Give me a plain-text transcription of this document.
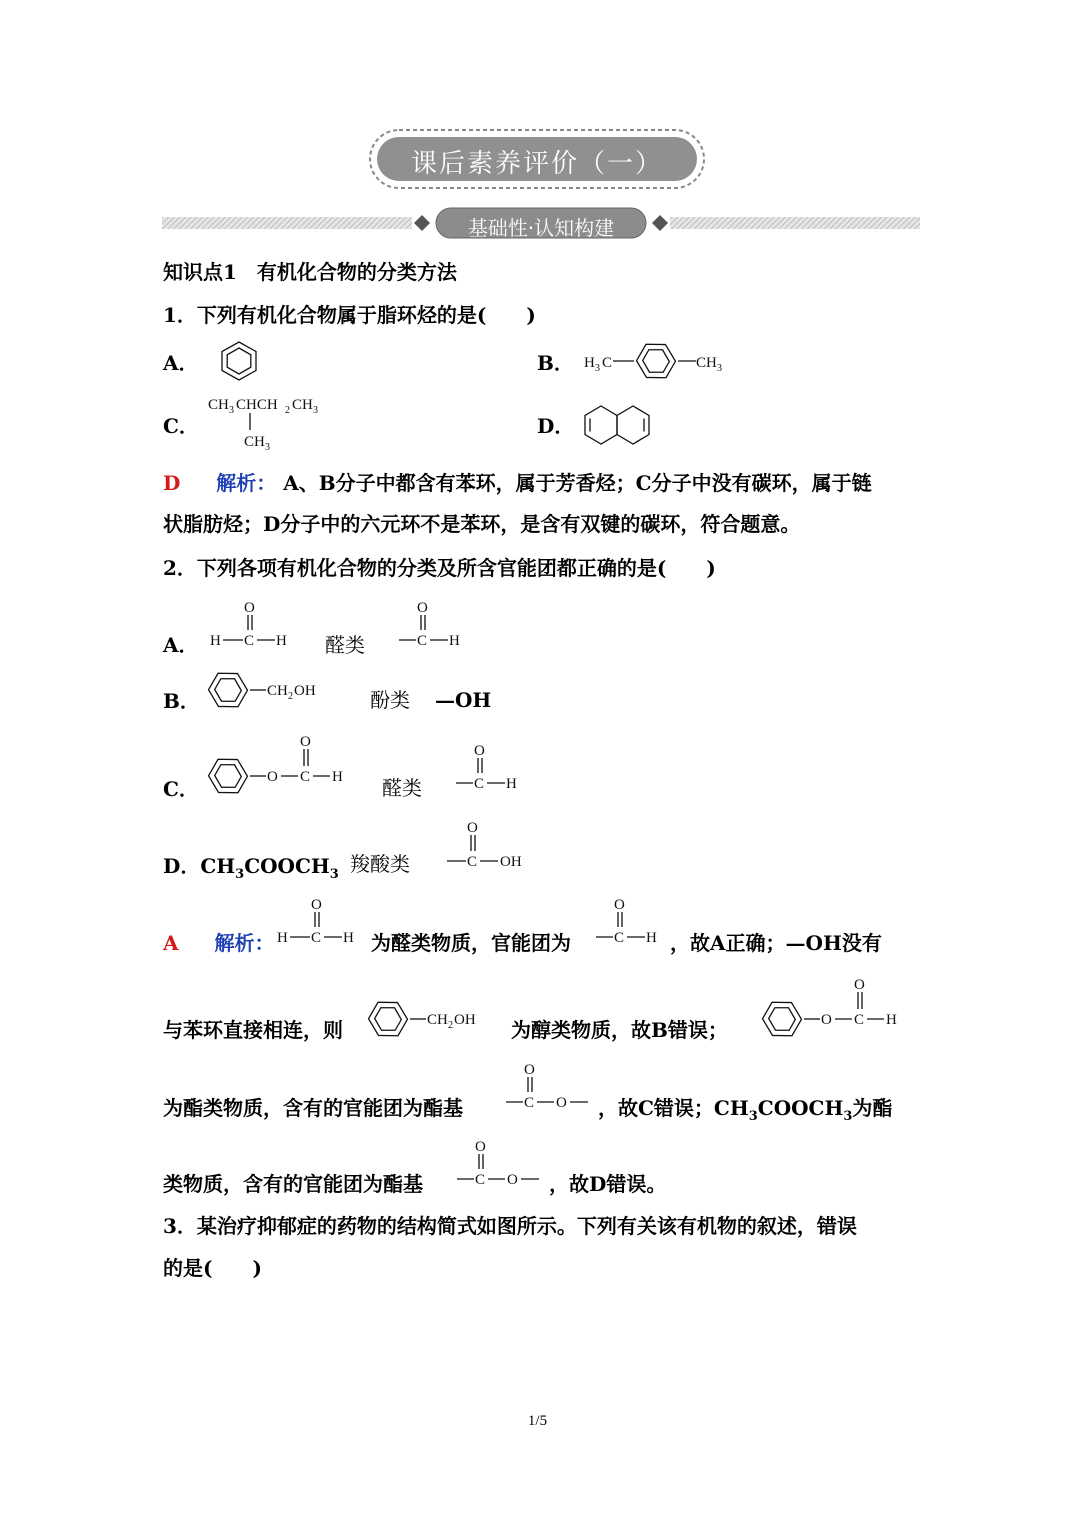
课后素养评价（一）
基础性·认知构建
知识点1　有机化合物的分类方法
1．下列有机化合物属于脂环烃的是(　　)
A．	B． H 3 C	CH 3
C．
CH 3 CHCH 2 CH 3
CH 3
D．
D 解析： A、B分子中都含有苯环，属于芳香烃；C分子中没有碳环，属于链
状脂肪烃；D分子中的六元环不是苯环，是含有双键的碳环，符合题意。
2．下列各项有机化合物的分类及所含官能团都正确的是(　　)
A．
O
H C H 醛类
O
C H
B．	CH 2 OH	酚类 —OH
C．
O
O C H 醛类
O
C H
D．$CH_3COOCH_3$ 羧酸类
O
C OH
A 解析：
O
H C H 为醛类物质，官能团为
O
C H ，故A正确；—OH没有
与苯环直接相连，则	CH 2 OH 为醇类物质，故B错误；
O
O C H
为酯类物质，含有的官能团为酯基
O
C O ，故C错误；$CH_3COOCH_3$为酯
类物质，含有的官能团为酯基
O
C O ，故D错误。
3．某治疗抑郁症的药物的结构简式如图所示。下列有关该有机物的叙述，错误
的是(　　)
1/5
